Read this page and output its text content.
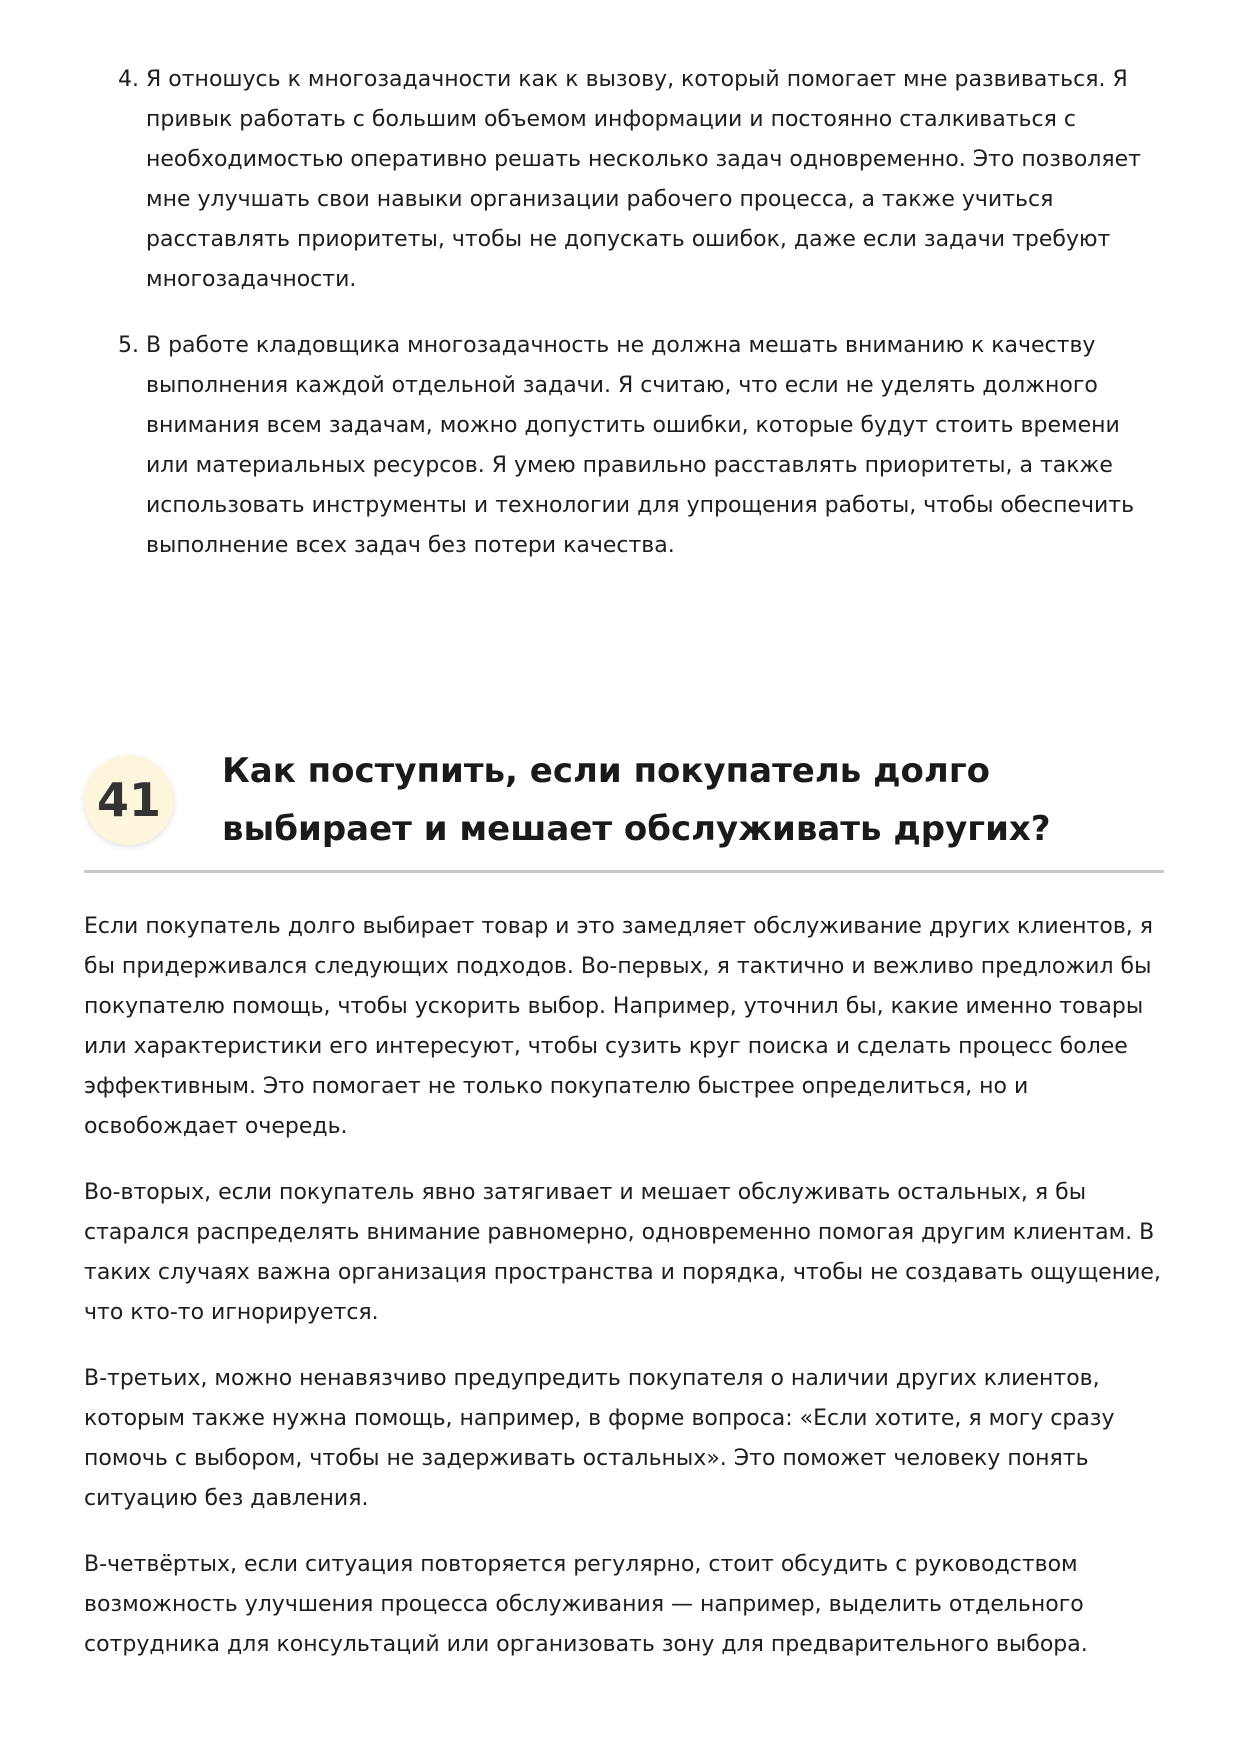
4. Я отношусь к многозадачности как к вызову, который помогает мне развиваться. Я привык работать с большим объемом информации и постоянно сталкиваться с необходимостью оперативно решать несколько задач одновременно. Это позволяет мне улучшать свои навыки организации рабочего процесса, а также учиться расставлять приоритеты, чтобы не допускать ошибок, даже если задачи требуют многозадачности.
5. В работе кладовщика многозадачность не должна мешать вниманию к качеству выполнения каждой отдельной задачи. Я считаю, что если не уделять должного внимания всем задачам, можно допустить ошибки, которые будут стоить времени или материальных ресурсов. Я умею правильно расставлять приоритеты, а также использовать инструменты и технологии для упрощения работы, чтобы обеспечить выполнение всех задач без потери качества.
41
Как поступить, если покупатель долго выбирает и мешает обслуживать других?

Если покупатель долго выбирает товар и это замедляет обслуживание других клиентов, я бы придерживался следующих подходов. Во-первых, я тактично и вежливо предложил бы покупателю помощь, чтобы ускорить выбор. Например, уточнил бы, какие именно товары или характеристики его интересуют, чтобы сузить круг поиска и сделать процесс более эффективным. Это помогает не только покупателю быстрее определиться, но и освобождает очередь.

Во-вторых, если покупатель явно затягивает и мешает обслуживать остальных, я бы старался распределять внимание равномерно, одновременно помогая другим клиентам. В таких случаях важна организация пространства и порядка, чтобы не создавать ощущение, что кто-то игнорируется.

В-третьих, можно ненавязчиво предупредить покупателя о наличии других клиентов, которым также нужна помощь, например, в форме вопроса: «Если хотите, я могу сразу помочь с выбором, чтобы не задерживать остальных». Это поможет человеку понять ситуацию без давления.

В-четвёртых, если ситуация повторяется регулярно, стоит обсудить с руководством возможность улучшения процесса обслуживания — например, выделить отдельного сотрудника для консультаций или организовать зону для предварительного выбора.
